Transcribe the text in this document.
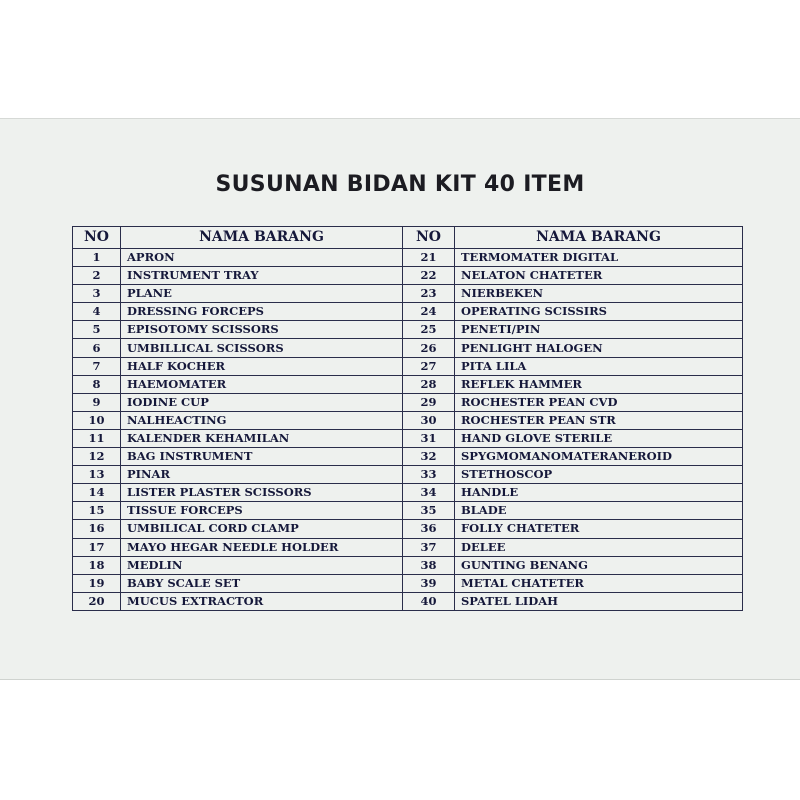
SUSUNAN BIDAN KIT 40 ITEM
NO	NAMA BARANG	NO	NAMA BARANG
1	APRON	21	TERMOMATER DIGITAL
2	INSTRUMENT TRAY	22	NELATON CHATETER
3	PLANE	23	NIERBEKEN
4	DRESSING FORCEPS	24	OPERATING SCISSIRS
5	EPISOTOMY SCISSORS	25	PENETI/PIN
6	UMBILLICAL SCISSORS	26	PENLIGHT HALOGEN
7	HALF KOCHER	27	PITA LILA
8	HAEMOMATER	28	REFLEK HAMMER
9	IODINE CUP	29	ROCHESTER PEAN CVD
10	NALHEACTING	30	ROCHESTER PEAN STR
11	KALENDER KEHAMILAN	31	HAND GLOVE STERILE
12	BAG INSTRUMENT	32	SPYGMOMANOMATERANEROID
13	PINAR	33	STETHOSCOP
14	LISTER PLASTER SCISSORS	34	HANDLE
15	TISSUE FORCEPS	35	BLADE
16	UMBILICAL CORD CLAMP	36	FOLLY CHATETER
17	MAYO HEGAR NEEDLE HOLDER	37	DELEE
18	MEDLIN	38	GUNTING BENANG
19	BABY SCALE SET	39	METAL CHATETER
20	MUCUS EXTRACTOR	40	SPATEL LIDAH
